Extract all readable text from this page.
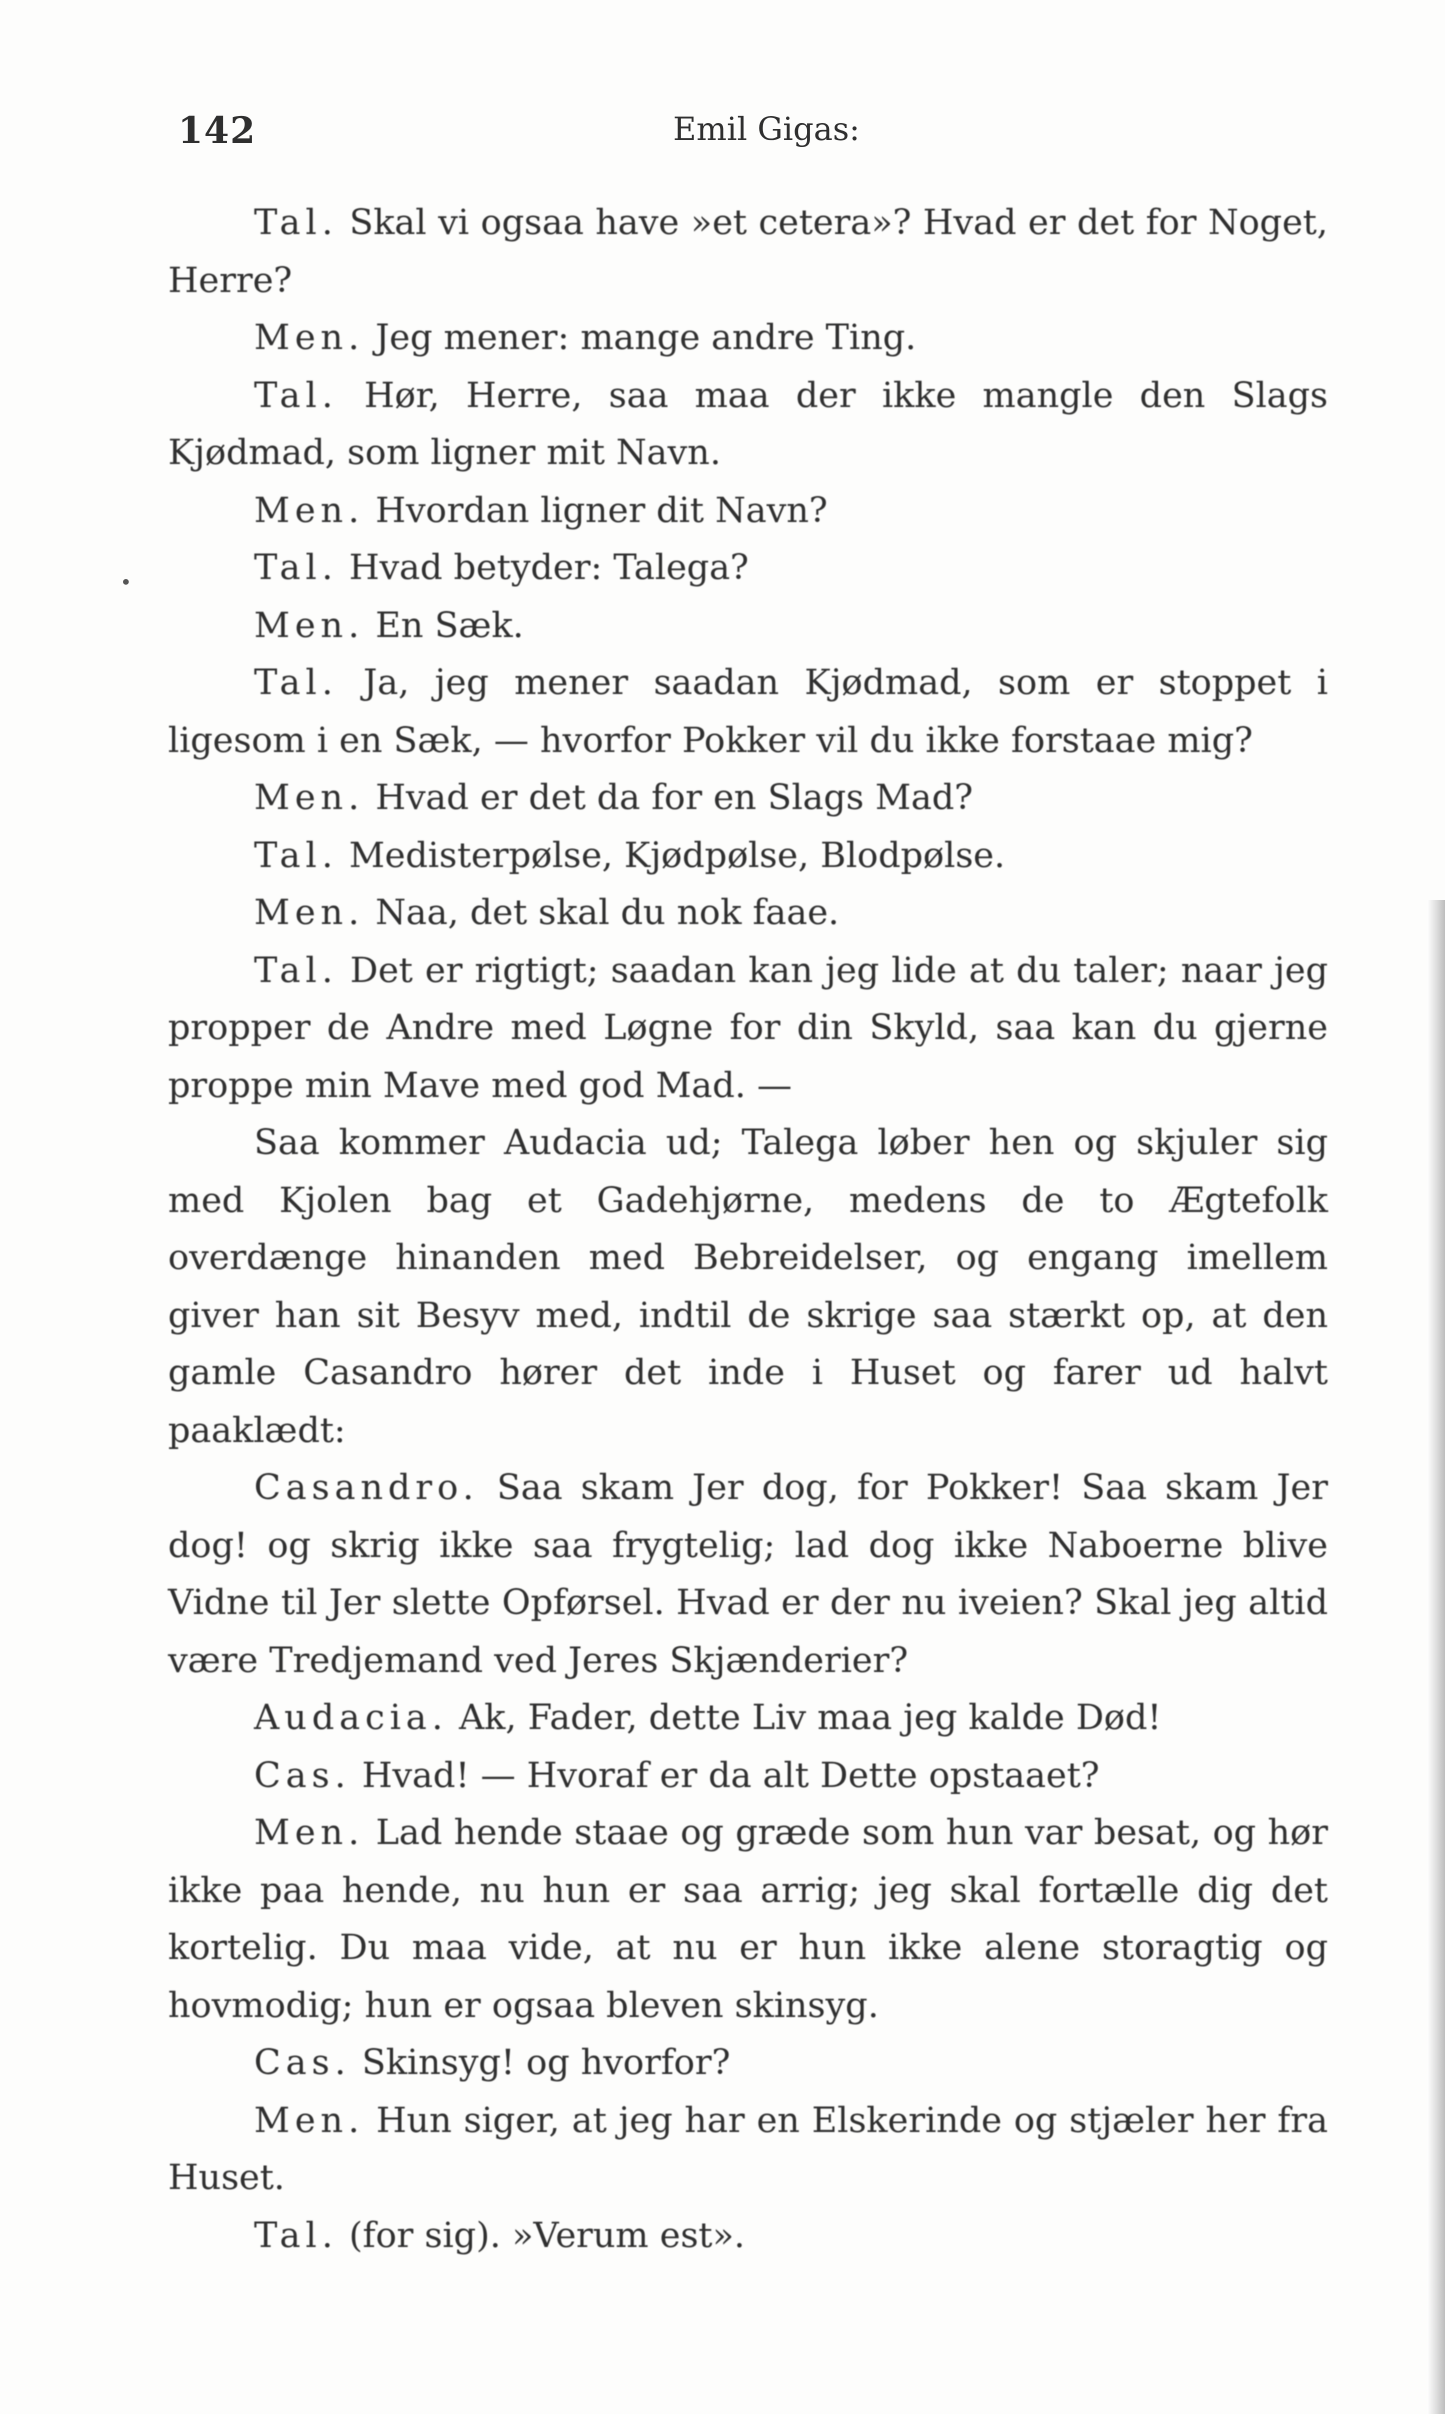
142	Emil Gigas:
•

Tal. Skal vi ogsaa have »et cetera»? Hvad er det for Noget, Herre?

Men. Jeg mener: mange andre Ting.

Tal. Hør, Herre, saa maa der ikke mangle den Slags Kjødmad, som ligner mit Navn.

Men. Hvordan ligner dit Navn?

Tal. Hvad betyder: Talega?

Men. En Sæk.

Tal. Ja, jeg mener saadan Kjødmad, som er stoppet i ligesom i en Sæk, — hvorfor Pokker vil du ikke forstaae mig?

Men. Hvad er det da for en Slags Mad?

Tal. Medisterpølse, Kjødpølse, Blodpølse.

Men. Naa, det skal du nok faae.

Tal. Det er rigtigt; saadan kan jeg lide at du taler; naar jeg propper de Andre med Løgne for din Skyld, saa kan du gjerne proppe min Mave med god Mad. —

Saa kommer Audacia ud; Talega løber hen og skjuler sig med Kjolen bag et Gadehjørne, medens de to Ægtefolk overdænge hinanden med Bebreidelser, og engang imellem giver han sit Besyv med, indtil de skrige saa stærkt op, at den gamle Casandro hører det inde i Huset og farer ud halvt paaklædt:

Casandro. Saa skam Jer dog, for Pokker! Saa skam Jer dog! og skrig ikke saa frygtelig; lad dog ikke Naboerne blive Vidne til Jer slette Opførsel. Hvad er der nu iveien? Skal jeg altid være Tredjemand ved Jeres Skjænderier?

Audacia. Ak, Fader, dette Liv maa jeg kalde Død!

Cas. Hvad! — Hvoraf er da alt Dette opstaaet?

Men. Lad hende staae og græde som hun var besat, og hør ikke paa hende, nu hun er saa arrig; jeg skal fortælle dig det kortelig. Du maa vide, at nu er hun ikke alene storagtig og hovmodig; hun er ogsaa bleven skinsyg.

Cas. Skinsyg! og hvorfor?

Men. Hun siger, at jeg har en Elskerinde og stjæler her fra Huset.

Tal. (for sig). »Verum est».
